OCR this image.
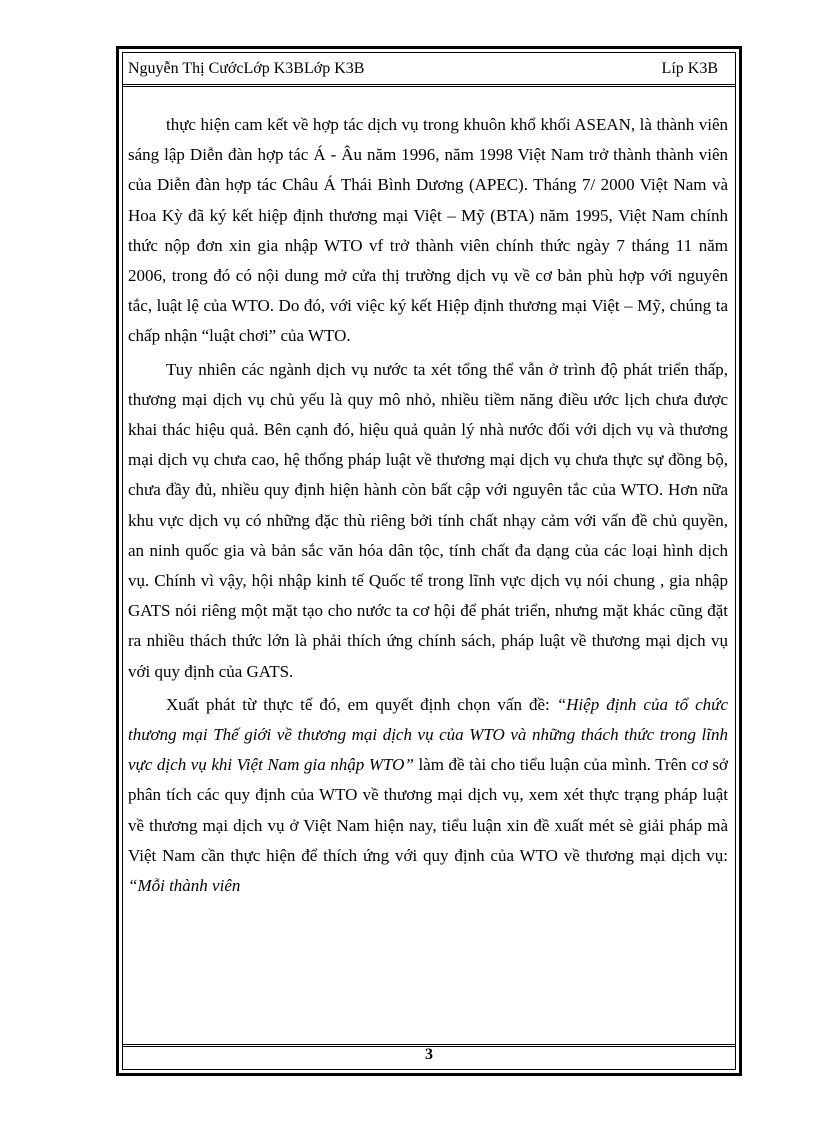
Nguyễn Thị CướcLớp K3BLớp K3B	Líp K3B

thực hiện cam kết về hợp tác dịch vụ trong khuôn khổ khối ASEAN, là thành viên sáng lập Diễn đàn hợp tác Á - Âu năm 1996, năm 1998 Việt Nam trở thành thành viên của Diễn đàn hợp tác Châu Á Thái Bình Dương (APEC). Tháng 7/ 2000 Việt Nam và Hoa Kỳ đã ký kết hiệp định thương mại Việt – Mỹ (BTA) năm 1995, Việt Nam chính thức nộp đơn xin gia nhập WTO vf trở thành viên chính thức ngày 7 tháng 11 năm 2006, trong đó có nội dung mở cửa thị trường dịch vụ về cơ bản phù hợp với nguyên tắc, luật lệ của WTO. Do đó, với việc ký kết Hiệp định thương mại Việt – Mỹ, chúng ta chấp nhận “luật chơi” của WTO.

Tuy nhiên các ngành dịch vụ nước ta xét tổng thể vẫn ở trình độ phát triển thấp, thương mại dịch vụ chủ yếu là quy mô nhỏ, nhiều tiềm năng điều ước lịch chưa được khai thác hiệu quả. Bên cạnh đó, hiệu quả quản lý nhà nước đối với dịch vụ và thương mại dịch vụ chưa cao, hệ thống pháp luật về thương mại dịch vụ chưa thực sự đồng bộ, chưa đầy đủ, nhiều quy định hiện hành còn bất cập với nguyên tắc của WTO. Hơn nữa khu vực dịch vụ có những đặc thù riêng bởi tính chất nhạy cảm với vấn đề chủ quyền, an ninh quốc gia và bản sắc văn hóa dân tộc, tính chất đa dạng của các loại hình dịch vụ. Chính vì vậy, hội nhập kinh tế Quốc tế trong lĩnh vực dịch vụ nói chung , gia nhập GATS nói riêng một mặt tạo cho nước ta cơ hội để phát triển, nhưng mặt khác cũng đặt ra nhiều thách thức lớn là phải thích ứng chính sách, pháp luật về thương mại dịch vụ với quy định của GATS.

Xuất phát từ thực tế đó, em quyết định chọn vấn đề: “Hiệp định của tổ chức thương mại Thế giới về thương mại dịch vụ của WTO và những thách thức trong lĩnh vực dịch vụ khi Việt Nam gia nhập WTO” làm đề tài cho tiểu luận của mình. Trên cơ sở phân tích các quy định của WTO về thương mại dịch vụ, xem xét thực trạng pháp luật về thương mại dịch vụ ở Việt Nam hiện nay, tiểu luận xin đề xuất mét sè giải pháp mà Việt Nam cần thực hiện để thích ứng với quy định của WTO về thương mại dịch vụ: “Mỗi thành viên

3
